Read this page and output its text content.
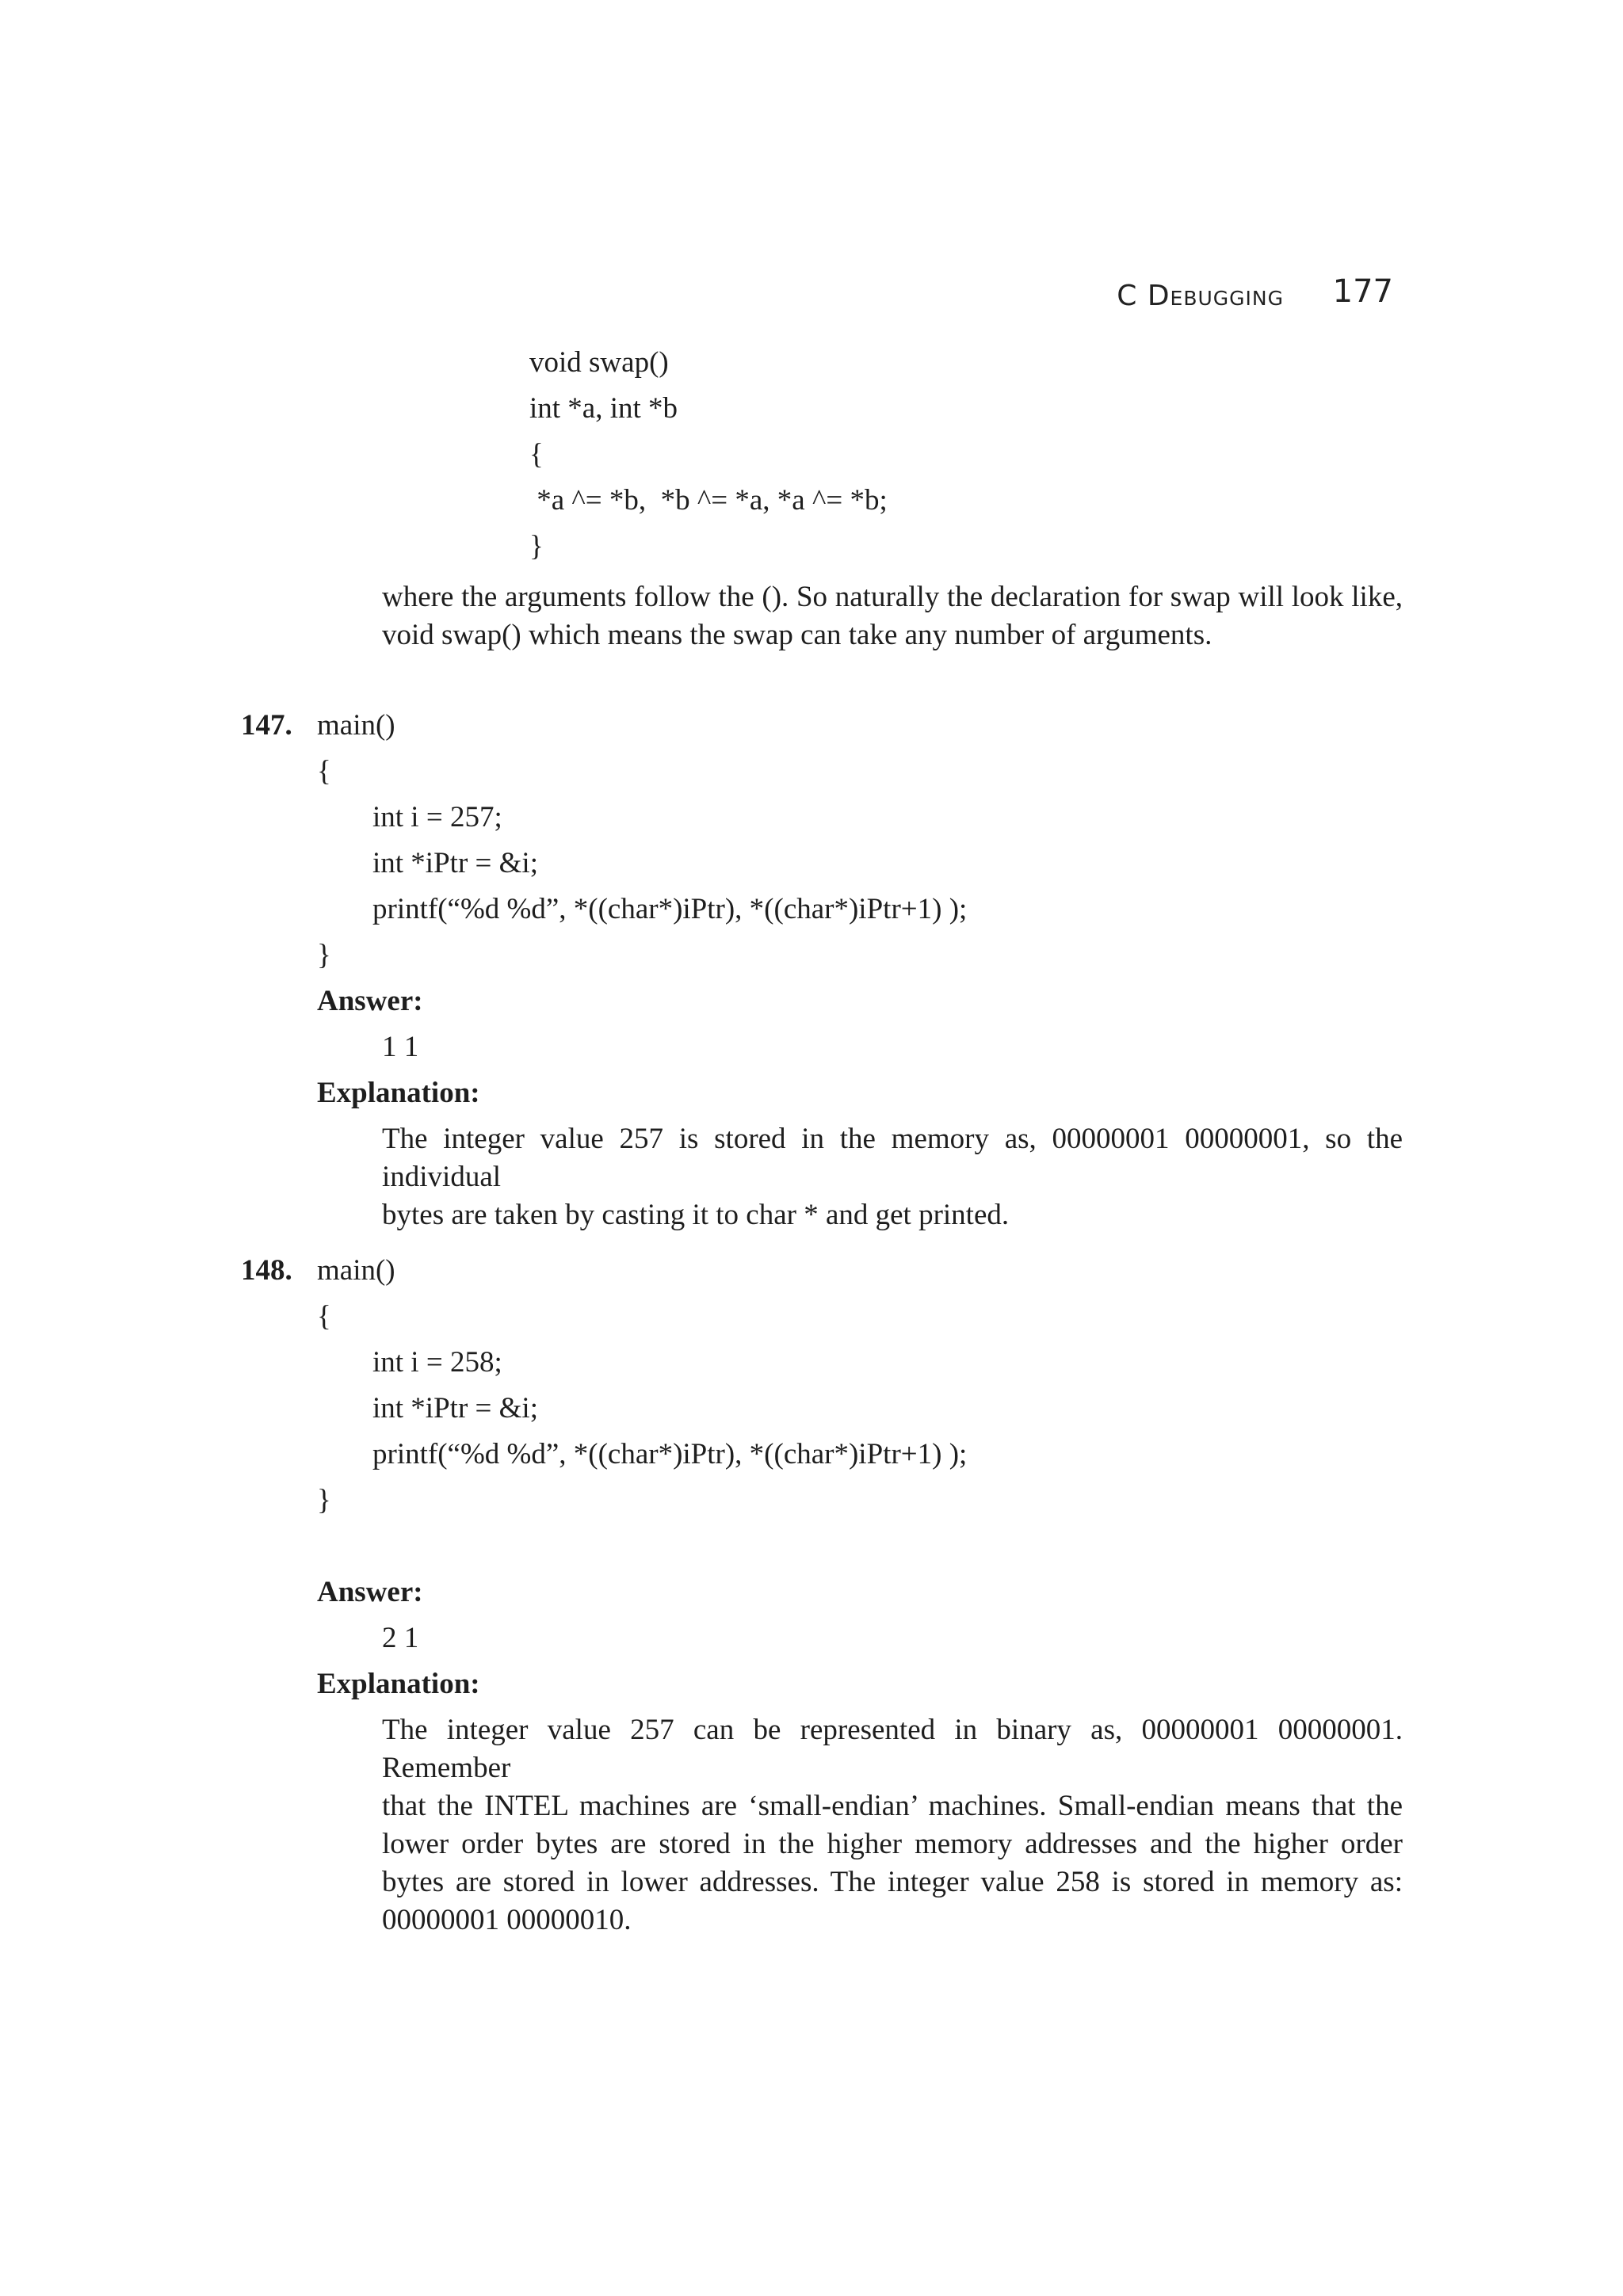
C Debugging 177
void swap()
int *a, int *b
{
*a ^= *b,  *b ^= *a, *a ^= *b;
}
where the arguments follow the (). So naturally the declaration for swap will look like,
void swap() which means the swap can take any number of arguments.
147. main()
{
int i = 257;
int *iPtr = &i;
printf(“%d %d”, *((char*)iPtr), *((char*)iPtr+1) );
}
Answer:
1 1
Explanation:
The integer value 257 is stored in the memory as, 00000001 00000001, so the individual
bytes are taken by casting it to char * and get printed.
148. main()
{
int i = 258;
int *iPtr = &i;
printf(“%d %d”, *((char*)iPtr), *((char*)iPtr+1) );
}
Answer:
2 1
Explanation:
The integer value 257 can be represented in binary as, 00000001 00000001. Remember
that the INTEL machines are ‘small-endian’ machines. Small-endian means that the
lower order bytes are stored in the higher memory addresses and the higher order
bytes are stored in lower addresses. The integer value 258 is stored in memory as:
00000001 00000010.
